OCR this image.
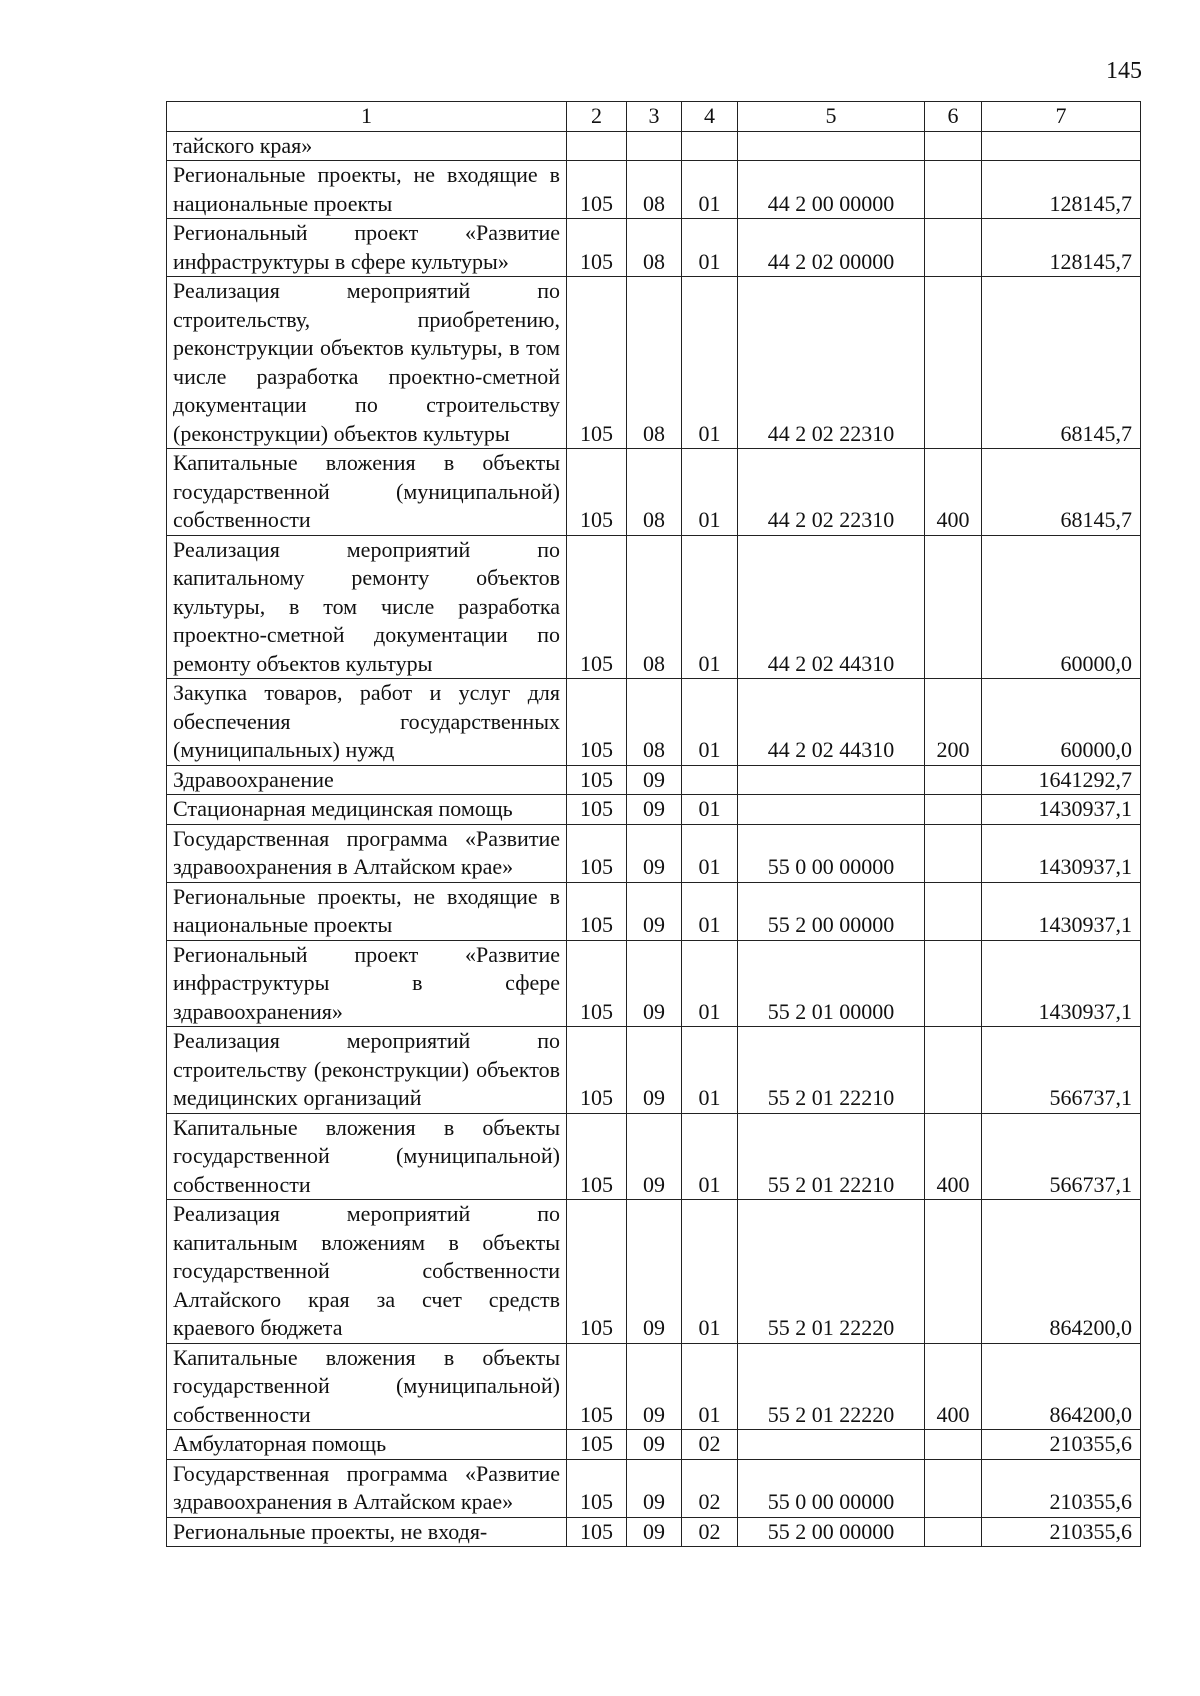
145
1	2	3	4	5	6	7
тайского края»						
Региональные проекты, не входящие в национальные проекты	105	08	01	44 2 00 00000		128145,7
Региональный проект «Развитие инфраструктуры в сфере культуры»	105	08	01	44 2 02 00000		128145,7
Реализация мероприятий по строительству, приобретению, реконструкции объектов культуры, в том числе разработка проектно-сметной документации по строительству (реконструкции) объектов культуры	105	08	01	44 2 02 22310		68145,7
Капитальные вложения в объекты государственной (муниципальной) собственности	105	08	01	44 2 02 22310	400	68145,7
Реализация мероприятий по капитальному ремонту объектов культуры, в том числе разработка проектно-сметной документации по ремонту объектов культуры	105	08	01	44 2 02 44310		60000,0
Закупка товаров, работ и услуг для обеспечения государственных (муниципальных) нужд	105	08	01	44 2 02 44310	200	60000,0
Здравоохранение	105	09				1641292,7
Стационарная медицинская помощь	105	09	01			1430937,1
Государственная программа «Развитие здравоохранения в Алтайском крае»	105	09	01	55 0 00 00000		1430937,1
Региональные проекты, не входящие в национальные проекты	105	09	01	55 2 00 00000		1430937,1
Региональный проект «Развитие инфраструктуры в сфере здравоохранения»	105	09	01	55 2 01 00000		1430937,1
Реализация мероприятий по строительству (реконструкции) объектов медицинских организаций	105	09	01	55 2 01 22210		566737,1
Капитальные вложения в объекты государственной (муниципальной) собственности	105	09	01	55 2 01 22210	400	566737,1
Реализация мероприятий по капитальным вложениям в объекты государственной собственности Алтайского края за счет средств краевого бюджета	105	09	01	55 2 01 22220		864200,0
Капитальные вложения в объекты государственной (муниципальной) собственности	105	09	01	55 2 01 22220	400	864200,0
Амбулаторная помощь	105	09	02			210355,6
Государственная программа «Развитие здравоохранения в Алтайском крае»	105	09	02	55 0 00 00000		210355,6
Региональные проекты, не входя-	105	09	02	55 2 00 00000		210355,6
